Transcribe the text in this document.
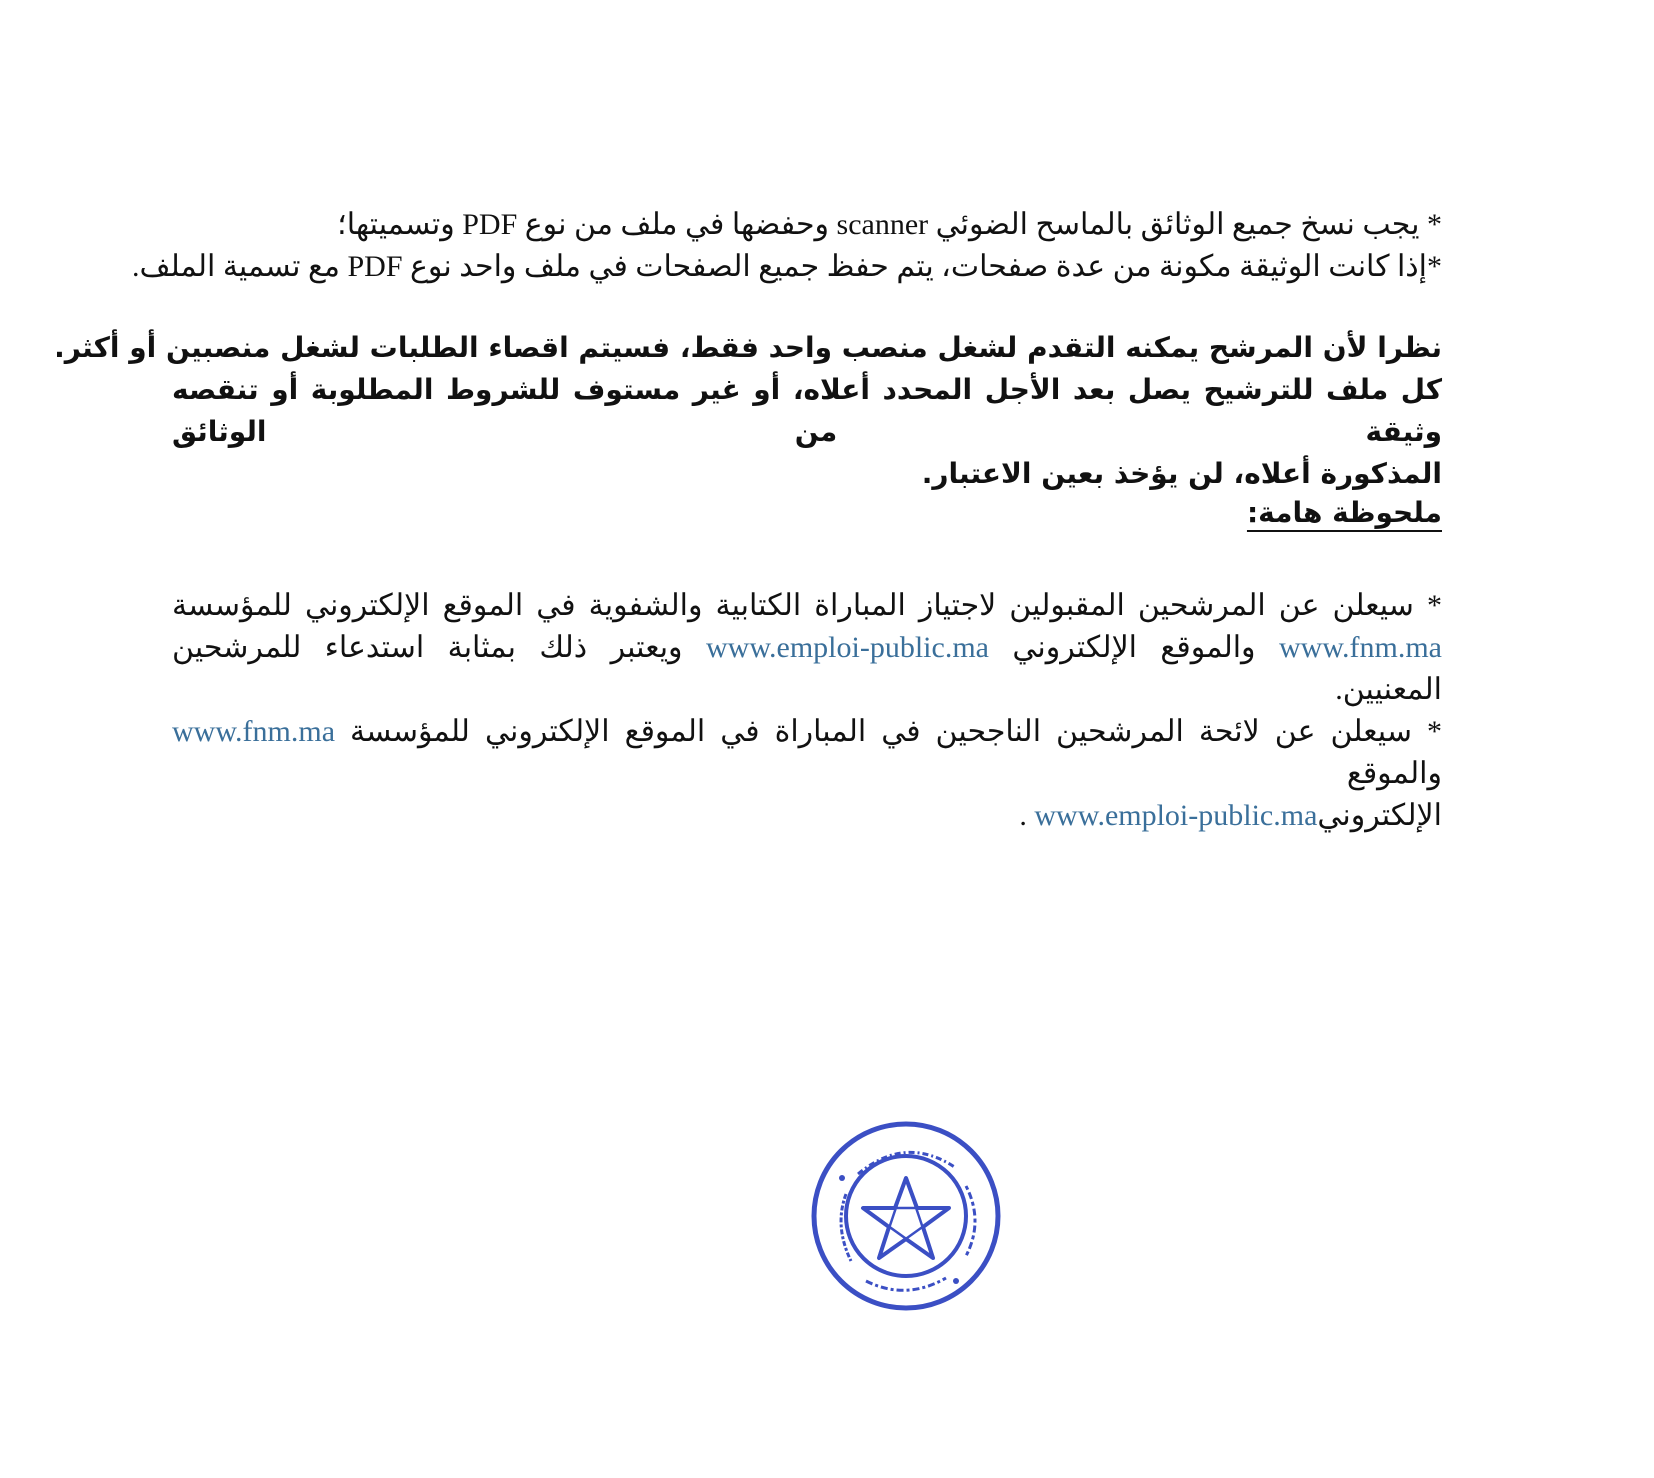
* يجب نسخ جميع الوثائق بالماسح الضوئي scanner وحفضها في ملف من نوع PDF وتسميتها؛
*إذا كانت الوثيقة مكونة من عدة صفحات، يتم حفظ جميع الصفحات في ملف واحد نوع PDF مع تسمية الملف.
نظرا لأن المرشح يمكنه التقدم لشغل منصب واحد فقط، فسيتم اقصاء الطلبات لشغل منصبين أو أكثر.
كل ملف للترشيح يصل بعد الأجل المحدد أعلاه، أو غير مستوف للشروط المطلوبة أو تنقصه وثيقة من الوثائق
المذكورة أعلاه، لن يؤخذ بعين الاعتبار.
ملحوظة هامة:
* سيعلن عن المرشحين المقبولين لاجتياز المباراة الكتابية والشفوية في الموقع الإلكتروني للمؤسسة
www.fnm.ma والموقع الإلكتروني www.emploi-public.ma ويعتبر ذلك بمثابة استدعاء للمرشحين
المعنيين.
* سيعلن عن لائحة المرشحين الناجحين في المباراة في الموقع الإلكتروني للمؤسسة www.fnm.ma والموقع
الإلكترونيwww.emploi-public.ma .
